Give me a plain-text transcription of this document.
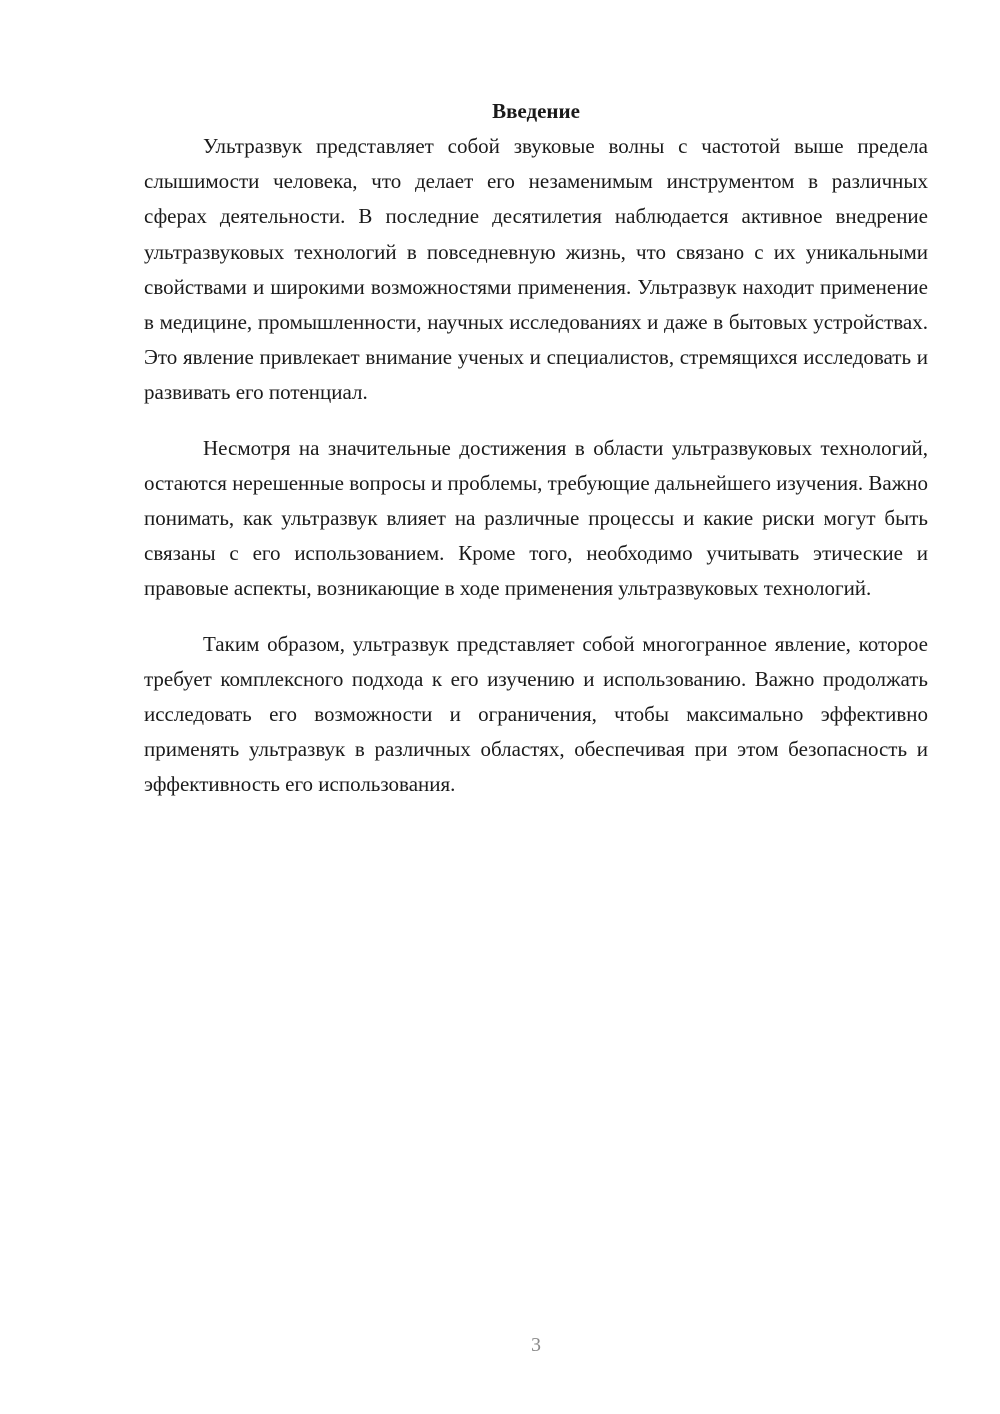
Введение

Ультразвук представляет собой звуковые волны с частотой выше предела слышимости человека, что делает его незаменимым инструментом в различных сферах деятельности. В последние десятилетия наблюдается активное внедрение ультразвуковых технологий в повседневную жизнь, что связано с их уникальными свойствами и широкими возможностями применения. Ультразвук находит применение в медицине, промышленности, научных исследованиях и даже в бытовых устройствах. Это явление привлекает внимание ученых и специалистов, стремящихся исследовать и развивать его потенциал.

Несмотря на значительные достижения в области ультразвуковых технологий, остаются нерешенные вопросы и проблемы, требующие дальнейшего изучения. Важно понимать, как ультразвук влияет на различные процессы и какие риски могут быть связаны с его использованием. Кроме того, необходимо учитывать этические и правовые аспекты, возникающие в ходе применения ультразвуковых технологий.

Таким образом, ультразвук представляет собой многогранное явление, которое требует комплексного подхода к его изучению и использованию. Важно продолжать исследовать его возможности и ограничения, чтобы максимально эффективно применять ультразвук в различных областях, обеспечивая при этом безопасность и эффективность его использования.

3
